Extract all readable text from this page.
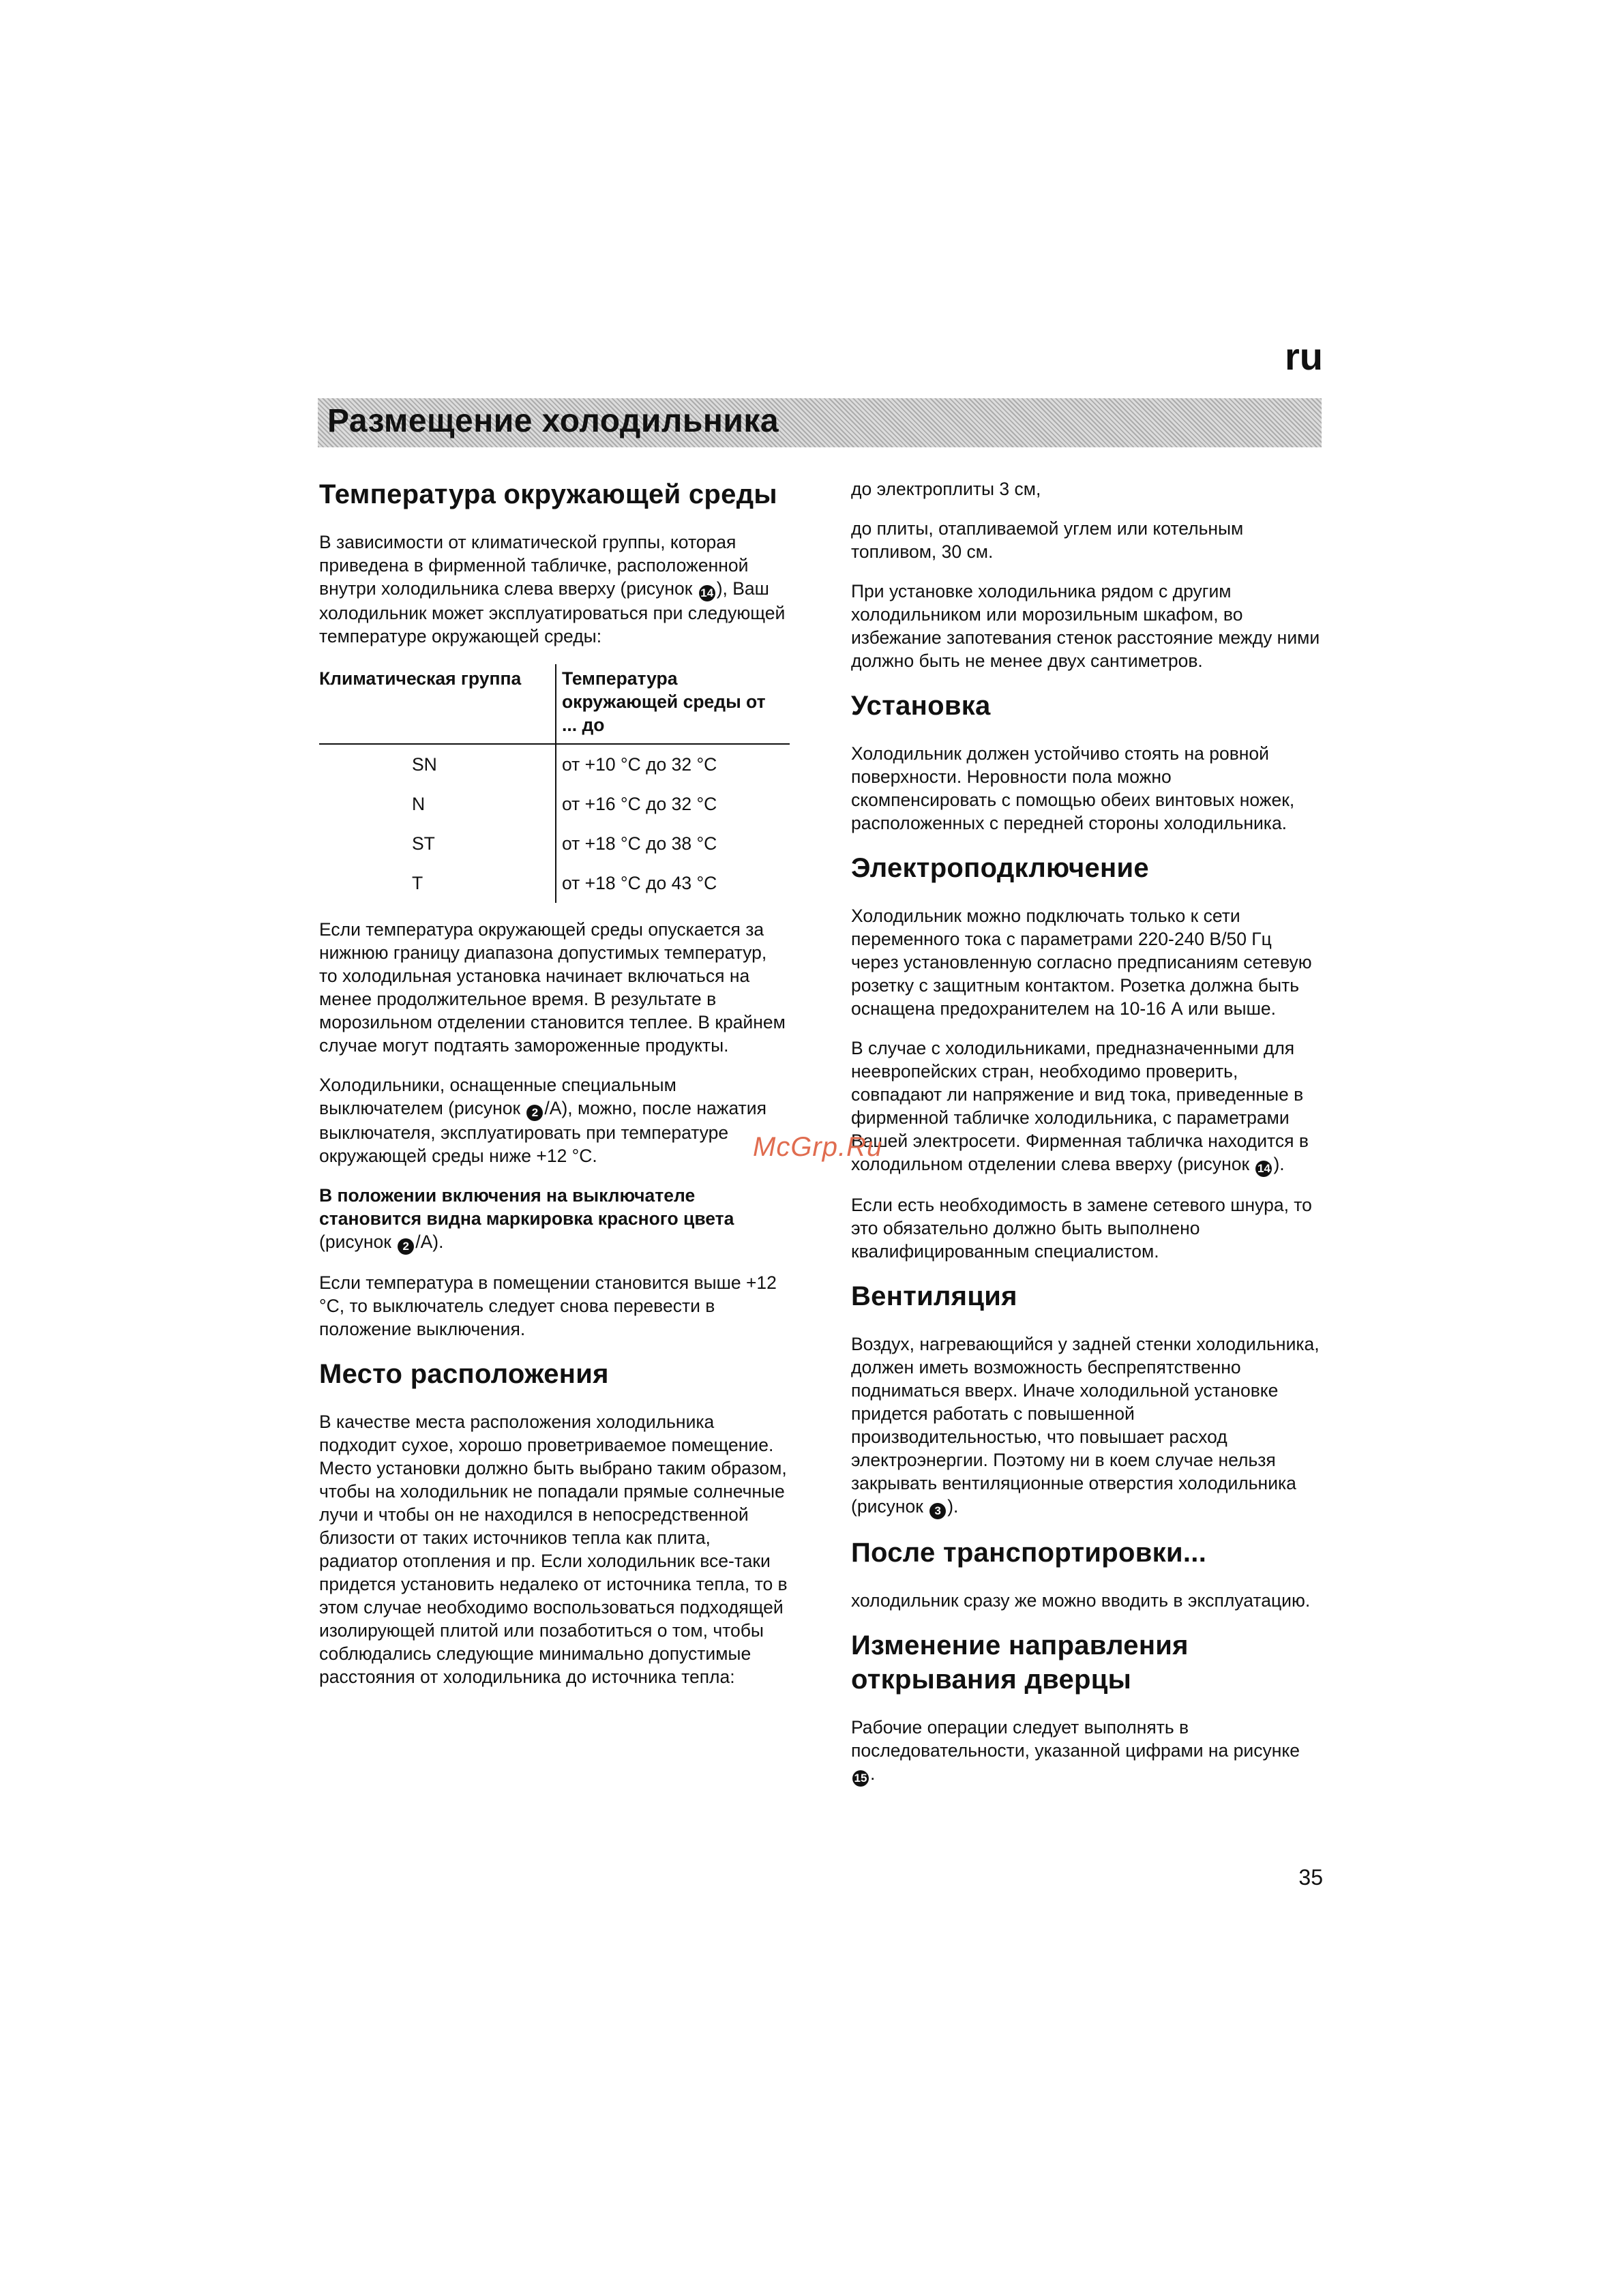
ru
Размещение холодильника
Температура окружающей среды

В зависимости от климатической группы, которая приведена в фирменной табличке, расположенной внутри холодильника слева вверху (рисунок 14 ), Ваш холодильник может эксплуатироваться при следующей температуре окружающей среды:

Климатическая группа	Температура окружающей среды от ... до
SN	от +10 °C до 32 °C
N	от +16 °C до 32 °C
ST	от +18 °C до 38 °C
T	от +18 °C до 43 °C

Если температура окружающей среды опускается за нижнюю границу диапазона допустимых температур, то холодильная установка начинает включаться на менее продолжительное время. В результате в морозильном отделении становится теплее. В крайнем случае могут подтаять замороженные продукты.

Холодильники, оснащенные специальным выключателем (рисунок 2 /A), можно, после нажатия выключателя, эксплуатировать при температуре окружающей среды ниже +12 °C.

В положении включения на выключателе становится видна маркировка красного цвета

(рисунок 2 /A).

Если температура в помещении становится выше +12 °C, то выключатель следует снова перевести в положение выключения.

Место расположения

В качестве места расположения холодильника подходит сухое, хорошо проветриваемое помещение. Место установки должно быть выбрано таким образом, чтобы на холодильник не попадали прямые солнечные лучи и чтобы он не находился в непосредственной близости от таких источников тепла как плита, радиатор отопления и пр. Если холодильник все-таки придется установить недалеко от источника тепла, то в этом случае необходимо воспользоваться подходящей изолирующей плитой или позаботиться о том, чтобы соблюдались следующие минимально допустимые расстояния от холодильника до источника тепла:

до электроплиты 3 см,

до плиты, отапливаемой углем или котельным топливом, 30 см.

При установке холодильника рядом с другим холодильником или морозильным шкафом, во избежание запотевания стенок расстояние между ними должно быть не менее двух сантиметров.

Установка

Холодильник должен устойчиво стоять на ровной поверхности. Неровности пола можно скомпенсировать с помощью обеих винтовых ножек, расположенных с передней стороны холодильника.

Электроподключение

Холодильник можно подключать только к сети переменного тока с параметрами 220-240 В/50 Гц через установленную согласно предписаниям сетевую розетку с защитным контактом. Розетка должна быть оснащена предохранителем на 10-16 А или выше.

В случае с холодильниками, предназначенными для неевропейских стран, необходимо проверить, совпадают ли напряжение и вид тока, приведенные в фирменной табличке холодильника, с параметрами Вашей электросети. Фирменная табличка находится в холодильном отделении слева вверху (рисунок 14 ).

Если есть необходимость в замене сетевого шнура, то это обязательно должно быть выполнено квалифицированным специалистом.

Вентиляция

Воздух, нагревающийся у задней стенки холодильника, должен иметь возможность беспрепятственно подниматься вверх. Иначе холодильной установке придется работать с повышенной производительностью, что повышает расход электроэнергии. Поэтому ни в коем случае нельзя закрывать вентиляционные отверстия холодильника (рисунок 3 ).

После транспортировки...

холодильник сразу же можно вводить в эксплуатацию.

Изменение направления открывания дверцы

Рабочие операции следует выполнять в последовательности, указанной цифрами на рисунке 15 .

McGrp.Ru
35
